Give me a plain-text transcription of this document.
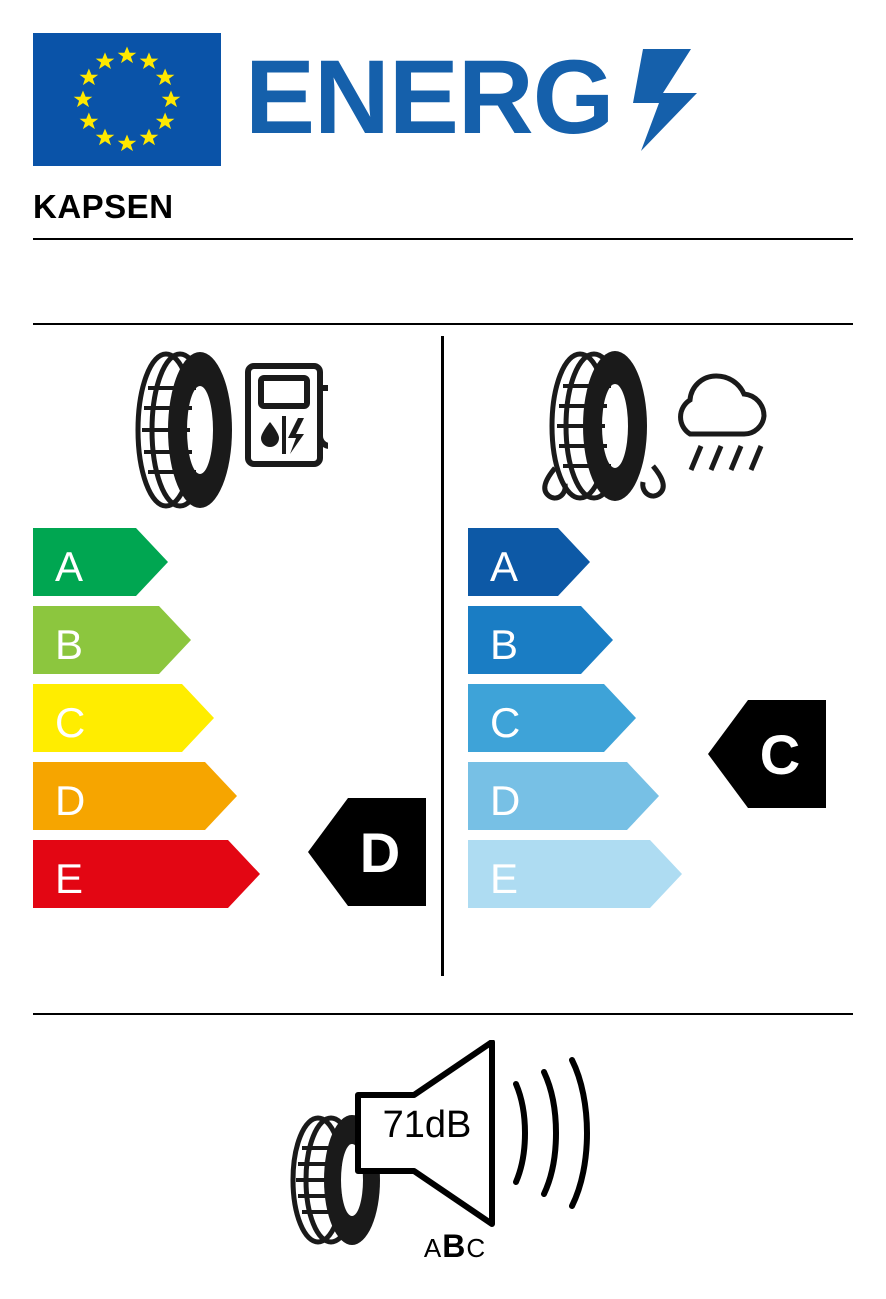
ENERG
KAPSEN
A
B
C
D
E
A
B
C
D
E
D
C
71dB
ABC
